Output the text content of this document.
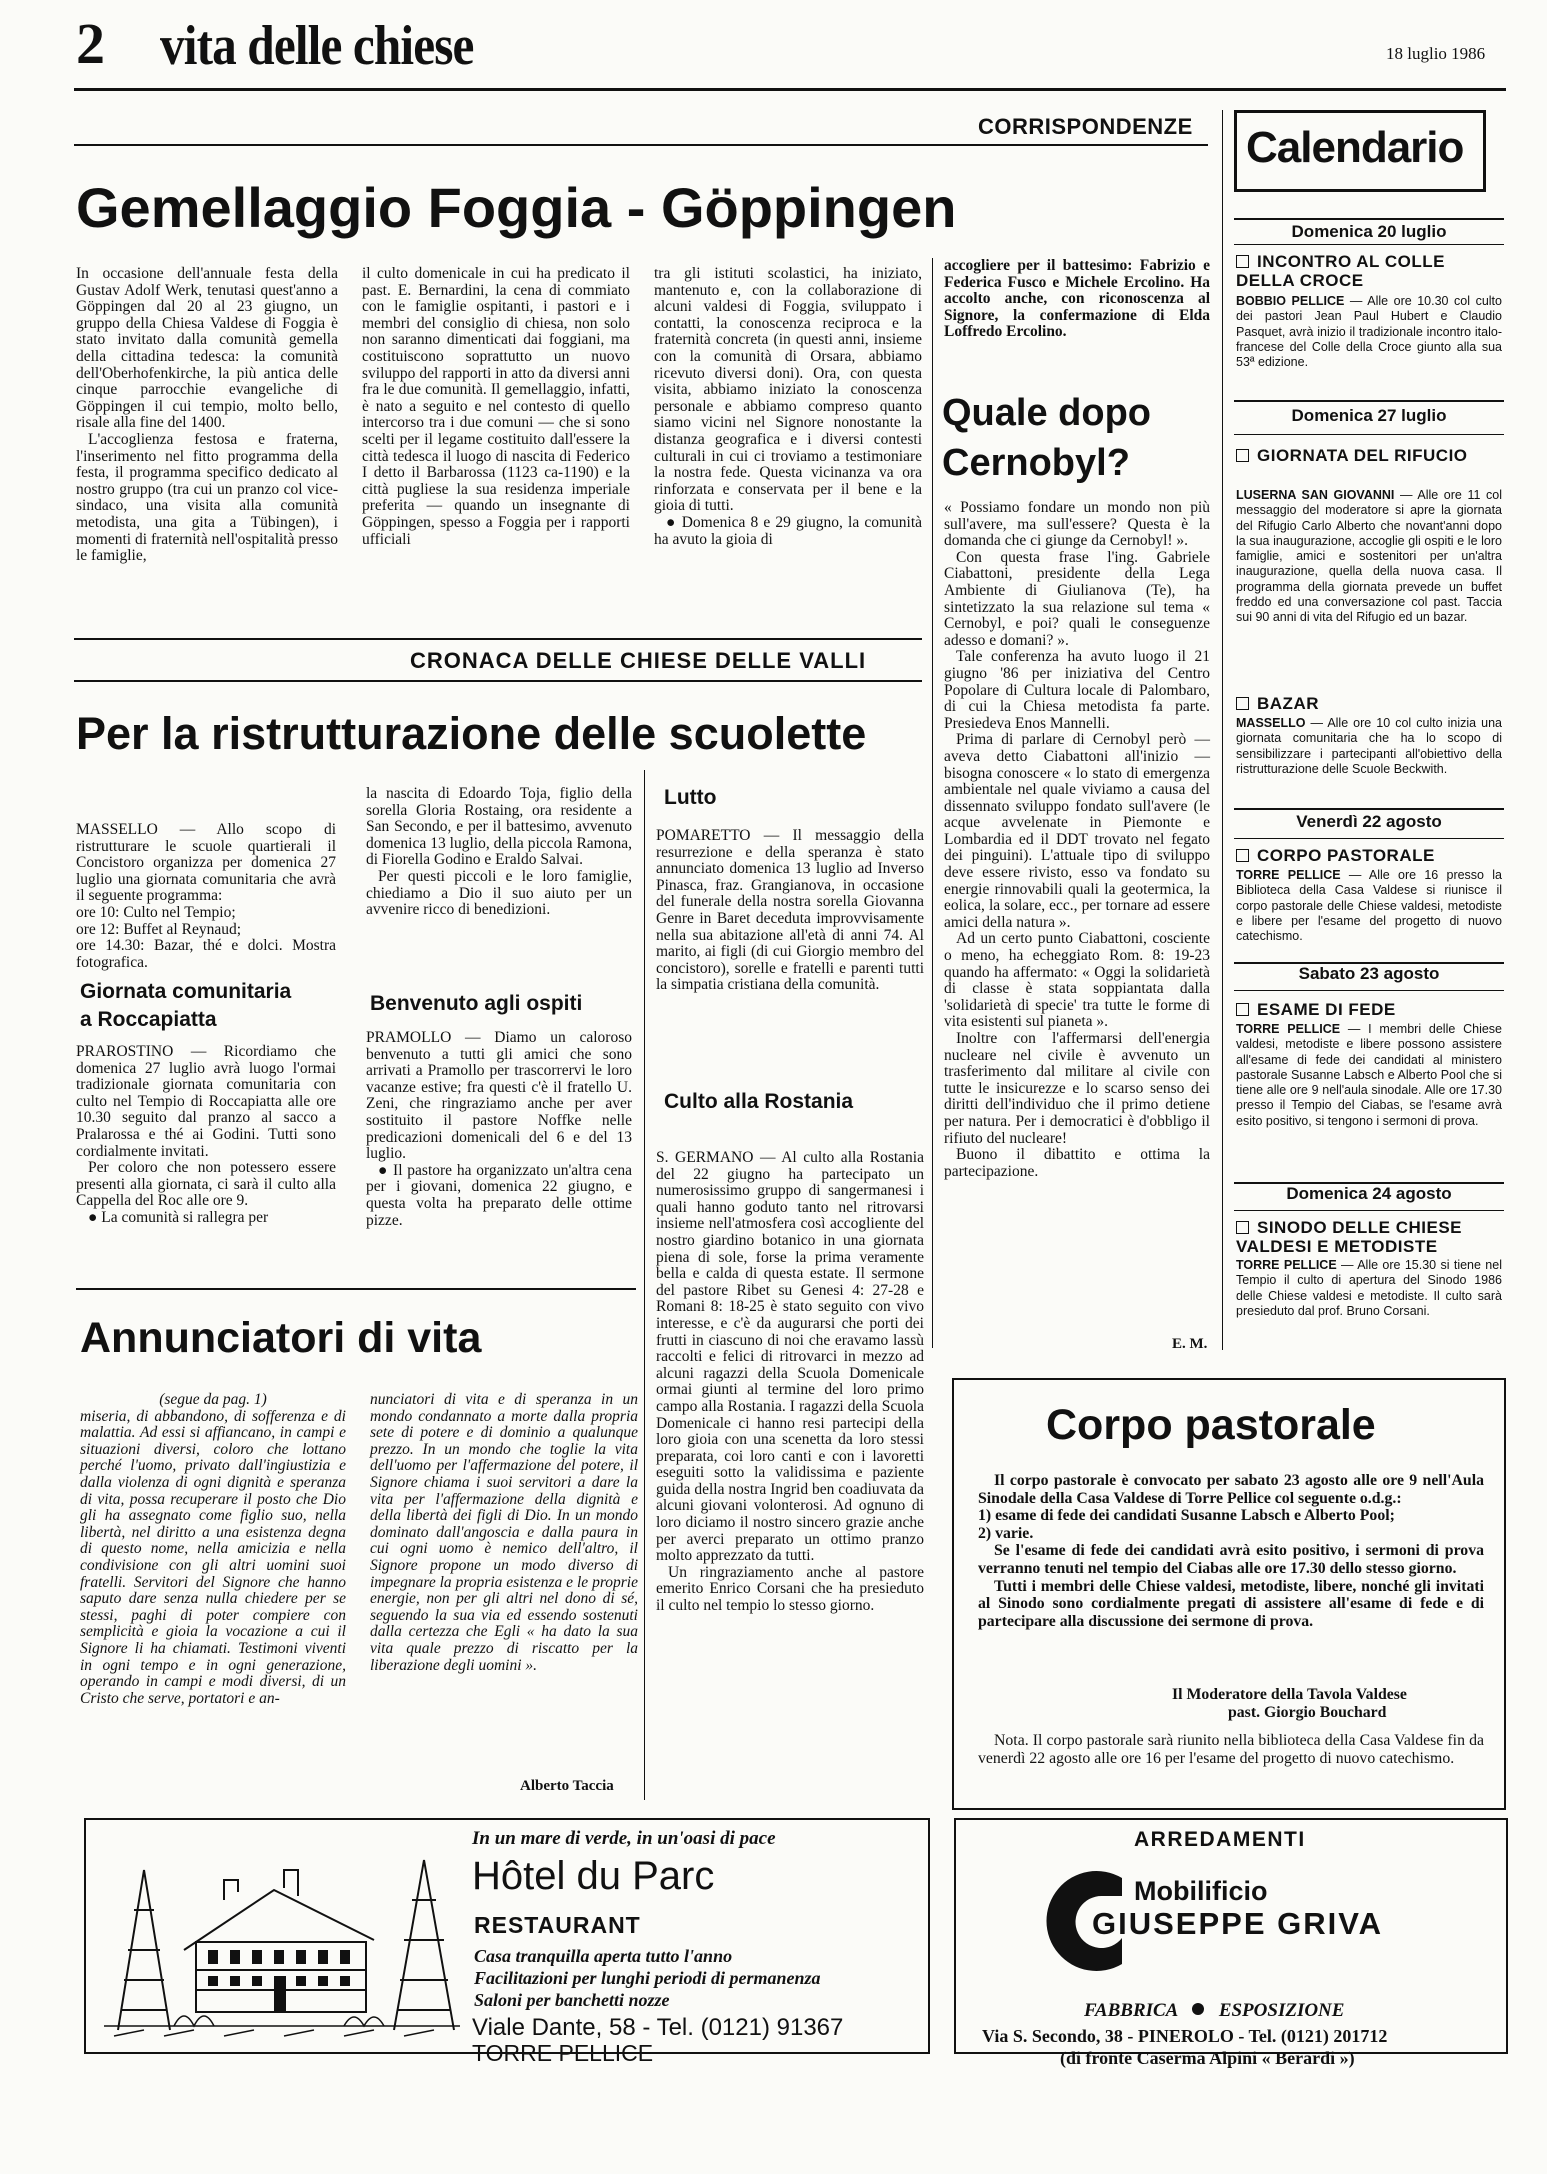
2 vita delle chiese	18 luglio 1986
CORRISPONDENZE
Gemellaggio Foggia - Göppingen

In occasione dell'annuale festa della Gustav Adolf Werk, tenutasi quest'anno a Göppingen dal 20 al 23 giugno, un gruppo della Chiesa Valdese di Foggia è stato invitato dalla comunità gemella della cittadina tedesca: la comunità dell'Oberhofenkirche, la più antica delle cinque parrocchie evangeliche di Göppingen il cui tempio, molto bello, risale alla fine del 1400.

L'accoglienza festosa e fraterna, l'inserimento nel fitto programma della festa, il programma specifico dedicato al nostro gruppo (tra cui un pranzo col vice-sindaco, una visita alla comunità metodista, una gita a Tübingen), i momenti di fraternità nell'ospitalità presso le famiglie,

il culto domenicale in cui ha predicato il past. E. Bernardini, la cena di commiato con le famiglie ospitanti, i pastori e i membri del consiglio di chiesa, non solo non saranno dimenticati dai foggiani, ma costituiscono soprattutto un nuovo sviluppo del rapporti in atto da diversi anni fra le due comunità. Il gemellaggio, infatti, è nato a seguito e nel contesto di quello intercorso tra i due comuni — che si sono scelti per il legame costituito dall'essere la città tedesca il luogo di nascita di Federico I detto il Barbarossa (1123 ca-1190) e la città pugliese la sua residenza imperiale preferita — quando un insegnante di Göppingen, spesso a Foggia per i rapporti ufficiali

tra gli istituti scolastici, ha iniziato, mantenuto e, con la collaborazione di alcuni valdesi di Foggia, sviluppato i contatti, la conoscenza reciproca e la fraternità concreta (in questi anni, insieme con la comunità di Orsara, abbiamo ricevuto diversi doni). Ora, con questa visita, abbiamo iniziato la conoscenza personale e abbiamo compreso quanto siamo vicini nel Signore nonostante la distanza geografica e i diversi contesti culturali in cui ci troviamo a testimoniare la nostra fede. Questa vicinanza va ora rinforzata e conservata per il bene e la gioia di tutti.

● Domenica 8 e 29 giugno, la comunità ha avuto la gioia di

accogliere per il battesimo: Fabrizio e Federica Fusco e Michele Ercolino. Ha accolto anche, con riconoscenza al Signore, la confermazione di Elda Loffredo Ercolino.

Quale dopo
Cernobyl?

« Possiamo fondare un mondo non più sull'avere, ma sull'essere? Questa è la domanda che ci giunge da Cernobyl! ».

Con questa frase l'ing. Gabriele Ciabattoni, presidente della Lega Ambiente di Giulianova (Te), ha sintetizzato la sua relazione sul tema « Cernobyl, e poi? quali le conseguenze adesso e domani? ».

Tale conferenza ha avuto luogo il 21 giugno '86 per iniziativa del Centro Popolare di Cultura locale di Palombaro, di cui la Chiesa metodista fa parte. Presiedeva Enos Mannelli.

Prima di parlare di Cernobyl però — aveva detto Ciabattoni all'inizio — bisogna conoscere « lo stato di emergenza ambientale nel quale viviamo a causa del dissennato sviluppo fondato sull'avere (le acque avvelenate in Piemonte e Lombardia ed il DDT trovato nel fegato dei pinguini). L'attuale tipo di sviluppo deve essere rivisto, esso va fondato su energie rinnovabili quali la geotermica, la eolica, la solare, ecc., per tornare ad essere amici della natura ».

Ad un certo punto Ciabattoni, cosciente o meno, ha echeggiato Rom. 8: 19-23 quando ha affermato: « Oggi la solidarietà di classe è stata soppiantata dalla 'solidarietà di specie' tra tutte le forme di vita esistenti sul pianeta ».

Inoltre con l'affermarsi dell'energia nucleare nel civile è avvenuto un trasferimento dal militare al civile con tutte le insicurezze e lo scarso senso dei diritti dell'individuo che il primo detiene per natura. Per i democratici è d'obbligo il rifiuto del nucleare!

Buono il dibattito e ottima la partecipazione.

E. M.
CRONACA DELLE CHIESE DELLE VALLI
Per la ristrutturazione delle scuolette

MASSELLO — Allo scopo di ristrutturare le scuole quartierali il Concistoro organizza per domenica 27 luglio una giornata comunitaria che avrà il seguente programma:

ore 10: Culto nel Tempio;

ore 12: Buffet al Reynaud;

ore 14.30: Bazar, thé e dolci. Mostra fotografica.

Giornata comunitaria
a Roccapiatta

PRAROSTINO — Ricordiamo che domenica 27 luglio avrà luogo l'ormai tradizionale giornata comunitaria con culto nel Tempio di Roccapiatta alle ore 10.30 seguito dal pranzo al sacco a Pralarossa e thé ai Godini. Tutti sono cordialmente invitati.

Per coloro che non potessero essere presenti alla giornata, ci sarà il culto alla Cappella del Roc alle ore 9.

● La comunità si rallegra per

la nascita di Edoardo Toja, figlio della sorella Gloria Rostaing, ora residente a San Secondo, e per il battesimo, avvenuto domenica 13 luglio, della piccola Ramona, di Fiorella Godino e Eraldo Salvai.

Per questi piccoli e le loro famiglie, chiediamo a Dio il suo aiuto per un avvenire ricco di benedizioni.

Benvenuto agli ospiti

PRAMOLLO — Diamo un caloroso benvenuto a tutti gli amici che sono arrivati a Pramollo per trascorrervi le loro vacanze estive; fra questi c'è il fratello U. Zeni, che ringraziamo anche per aver sostituito il pastore Noffke nelle predicazioni domenicali del 6 e del 13 luglio.

● Il pastore ha organizzato un'altra cena per i giovani, domenica 22 giugno, e questa volta ha preparato delle ottime pizze.

Lutto

POMARETTO — Il messaggio della resurrezione e della speranza è stato annunciato domenica 13 luglio ad Inverso Pinasca, fraz. Grangianova, in occasione del funerale della nostra sorella Giovanna Genre in Baret deceduta improvvisamente nella sua abitazione all'età di anni 74. Al marito, ai figli (di cui Giorgio membro del concistoro), sorelle e fratelli e parenti tutti la simpatia cristiana della comunità.

Culto alla Rostania

S. GERMANO — Al culto alla Rostania del 22 giugno ha partecipato un numerosissimo gruppo di sangermanesi i quali hanno goduto tanto nel ritrovarsi insieme nell'atmosfera così accogliente del nostro giardino botanico in una giornata piena di sole, forse la prima veramente bella e calda di questa estate. Il sermone del pastore Ribet su Genesi 4: 27-28 e Romani 8: 18-25 è stato seguito con vivo interesse, e c'è da augurarsi che porti dei frutti in ciascuno di noi che eravamo lassù raccolti e felici di ritrovarci in mezzo ad alcuni ragazzi della Scuola Domenicale ormai giunti al termine del loro primo campo alla Rostania. I ragazzi della Scuola Domenicale ci hanno resi partecipi della loro gioia con una scenetta da loro stessi preparata, coi loro canti e con i lavoretti eseguiti sotto la validissima e paziente guida della nostra Ingrid ben coadiuvata da alcuni giovani volonterosi. Ad ognuno di loro diciamo il nostro sincero grazie anche per averci preparato un ottimo pranzo molto apprezzato da tutti.

Un ringraziamento anche al pastore emerito Enrico Corsani che ha presieduto il culto nel tempio lo stesso giorno.

Annunciatori di vita

(segue da pag. 1)

miseria, di abbandono, di sofferenza e di malattia. Ad essi si affiancano, in campi e situazioni diversi, coloro che lottano perché l'uomo, privato dall'ingiustizia e dalla violenza di ogni dignità e speranza di vita, possa recuperare il posto che Dio gli ha assegnato come figlio suo, nella libertà, nel diritto a una esistenza degna di questo nome, nella amicizia e nella condivisione con gli altri uomini suoi fratelli. Servitori del Signore che hanno saputo dare senza nulla chiedere per se stessi, paghi di poter compiere con semplicità e gioia la vocazione a cui il Signore li ha chiamati. Testimoni viventi in ogni tempo e in ogni generazione, operando in campi e modi diversi, di un Cristo che serve, portatori e an-

nunciatori di vita e di speranza in un mondo condannato a morte dalla propria sete di potere e di dominio a qualunque prezzo. In un mondo che toglie la vita dell'uomo per l'affermazione del potere, il Signore chiama i suoi servitori a dare la vita per l'affermazione della dignità e della libertà dei figli di Dio. In un mondo dominato dall'angoscia e dalla paura in cui ogni uomo è nemico dell'altro, il Signore propone un modo diverso di impegnare la propria esistenza e le proprie energie, non per gli altri nel dono di sé, seguendo la sua via ed essendo sostenuti dalla certezza che Egli « ha dato la sua vita quale prezzo di riscatto per la liberazione degli uomini ».

Alberto Taccia
Calendario
Domenica 20 luglio
INCONTRO AL COLLE DELLA CROCE
BOBBIO PELLICE — Alle ore 10.30 col culto dei pastori Jean Paul Hubert e Claudio Pasquet, avrà inizio il tradizionale incontro italo-francese del Colle della Croce giunto alla sua 53ª edizione.
Domenica 27 luglio
GIORNATA DEL RIFUCIO
LUSERNA SAN GIOVANNI — Alle ore 11 col messaggio del moderatore si apre la giornata del Rifugio Carlo Alberto che novant'anni dopo la sua inaugurazione, accoglie gli ospiti e le loro famiglie, amici e sostenitori per un'altra inaugurazione, quella della nuova casa. Il programma della giornata prevede un buffet freddo ed una conversazione col past. Taccia sui 90 anni di vita del Rifugio ed un bazar.
BAZAR
MASSELLO — Alle ore 10 col culto inizia una giornata comunitaria che ha lo scopo di sensibilizzare i partecipanti all'obiettivo della ristrutturazione delle Scuole Beckwith.
Venerdì 22 agosto
CORPO PASTORALE
TORRE PELLICE — Alle ore 16 presso la Biblioteca della Casa Valdese si riunisce il corpo pastorale delle Chiese valdesi, metodiste e libere per l'esame del progetto di nuovo catechismo.
Sabato 23 agosto
ESAME DI FEDE
TORRE PELLICE — I membri delle Chiese valdesi, metodiste e libere possono assistere all'esame di fede dei candidati al ministero pastorale Susanne Labsch e Alberto Pool che si tiene alle ore 9 nell'aula sinodale. Alle ore 17.30 presso il Tempio del Ciabas, se l'esame avrà esito positivo, si tengono i sermoni di prova.
Domenica 24 agosto
SINODO DELLE CHIESE VALDESI E METODISTE
TORRE PELLICE — Alle ore 15.30 si tiene nel Tempio il culto di apertura del Sinodo 1986 delle Chiese valdesi e metodiste. Il culto sarà presieduto dal prof. Bruno Corsani.
Corpo pastorale

Il corpo pastorale è convocato per sabato 23 agosto alle ore 9 nell'Aula Sinodale della Casa Valdese di Torre Pellice col seguente o.d.g.:

1) esame di fede dei candidati Susanne Labsch e Alberto Pool;

2) varie.

Se l'esame di fede dei candidati avrà esito positivo, i sermoni di prova verranno tenuti nel tempio del Ciabas alle ore 17.30 dello stesso giorno.

Tutti i membri delle Chiese valdesi, metodiste, libere, nonché gli invitati al Sinodo sono cordialmente pregati di assistere all'esame di fede e di partecipare alla discussione dei sermone di prova.

Il Moderatore della Tavola Valdese
past. Giorgio Bouchard

Nota. Il corpo pastorale sarà riunito nella biblioteca della Casa Valdese fin da venerdì 22 agosto alle ore 16 per l'esame del progetto di nuovo catechismo.

In un mare di verde, in un'oasi di pace
Hôtel du Parc
RESTAURANT
Casa tranquilla aperta tutto l'anno
Facilitazioni per lunghi periodi di permanenza
Saloni per banchetti nozze
Viale Dante, 58 - Tel. (0121) 91367
TORRE PELLICE
ARREDAMENTI
Mobilificio
GIUSEPPE GRIVA
FABBRICA ESPOSIZIONE
Via S. Secondo, 38 - PINEROLO - Tel. (0121) 201712
(di fronte Caserma Alpini « Berardi »)
